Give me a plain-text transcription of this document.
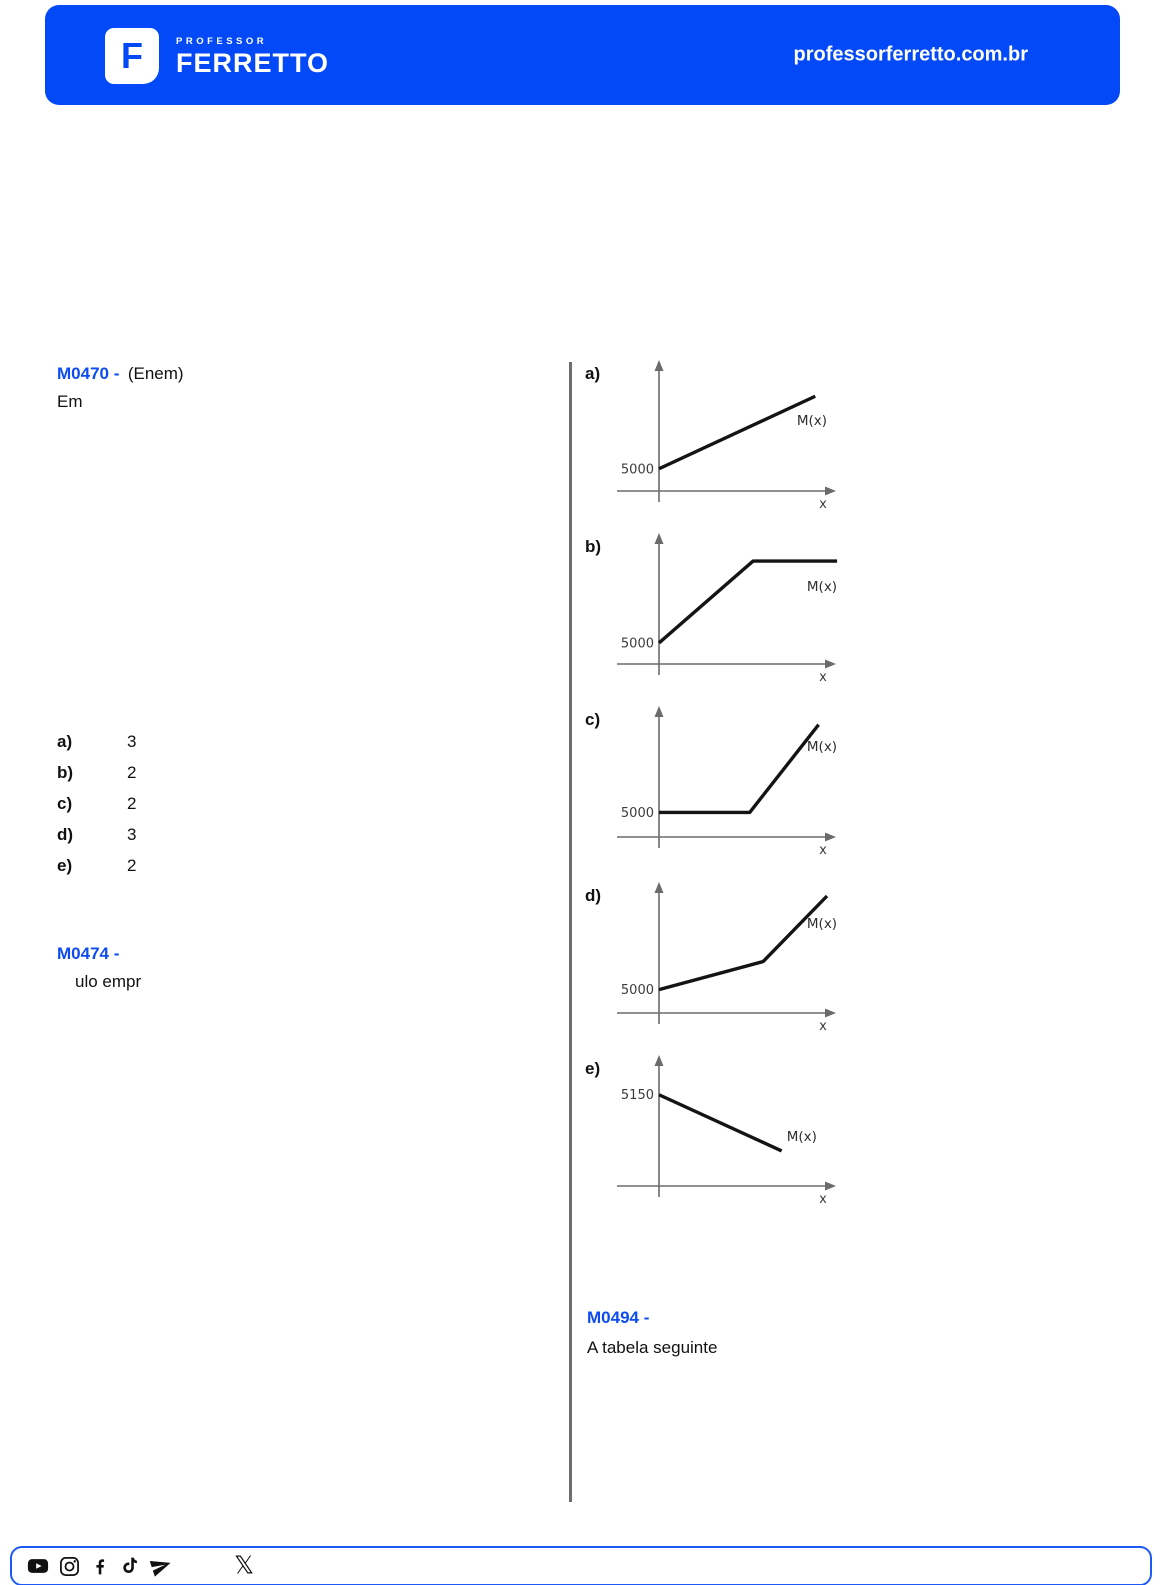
F	PROFESSOR
FERRETTO	professorferretto.com.br
M0470 - (Enem)
Em
a)	3
b)	2
c)	2
d)	3
e)	2
M0474 -
ulo empr
a)
5000
M(x)
x
b)
5000
M(x)
x
c)
5000
M(x)
x
d)
5000
M(x)
x
e)
5150
M(x)
x
M0494 -
A tabela seguinte
𝕏
